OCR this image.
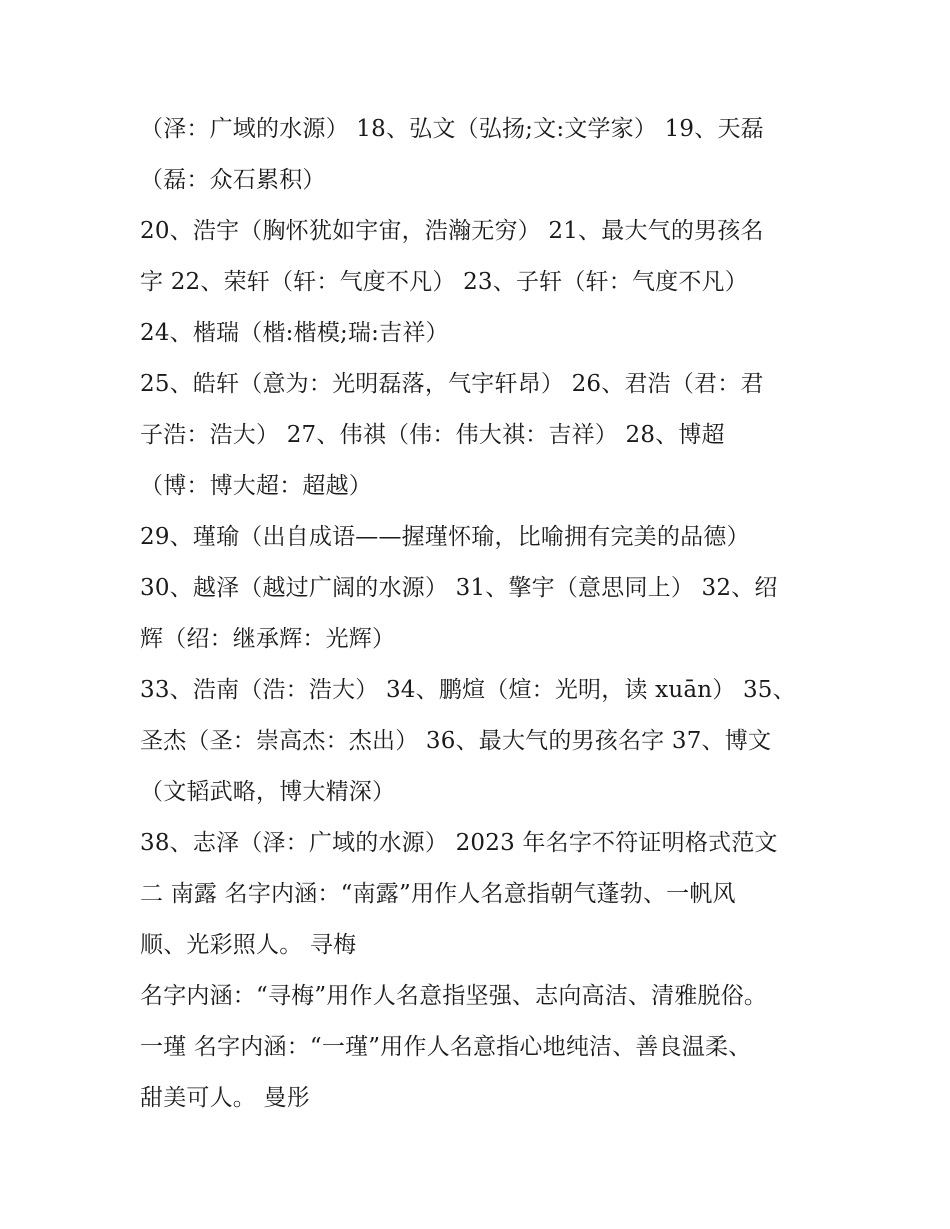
（泽：广域的水源） 18、弘文（弘扬;文:文学家） 19、天磊
（磊：众石累积）
20、浩宇（胸怀犹如宇宙，浩瀚无穷） 21、最大气的男孩名
字 22、荣轩（轩：气度不凡） 23、子轩（轩：气度不凡）
24、楷瑞（楷:楷模;瑞:吉祥）
25、皓轩（意为：光明磊落，气宇轩昂） 26、君浩（君：君
子浩：浩大） 27、伟祺（伟：伟大祺：吉祥） 28、博超
（博：博大超：超越）
29、瑾瑜（出自成语——握瑾怀瑜，比喻拥有完美的品德）
30、越泽（越过广阔的水源） 31、擎宇（意思同上） 32、绍
辉（绍：继承辉：光辉）
33、浩南（浩：浩大） 34、鹏煊（煊：光明，读 xuān） 35、
圣杰（圣：崇高杰：杰出） 36、最大气的男孩名字 37、博文
（文韬武略，博大精深）
38、志泽（泽：广域的水源） 2023 年名字不符证明格式范文
二 南露 名字内涵：“南露”用作人名意指朝气蓬勃、一帆风
顺、光彩照人。 寻梅
名字内涵：“寻梅”用作人名意指坚强、志向高洁、清雅脱俗。
一瑾 名字内涵：“一瑾”用作人名意指心地纯洁、善良温柔、
甜美可人。 曼彤
